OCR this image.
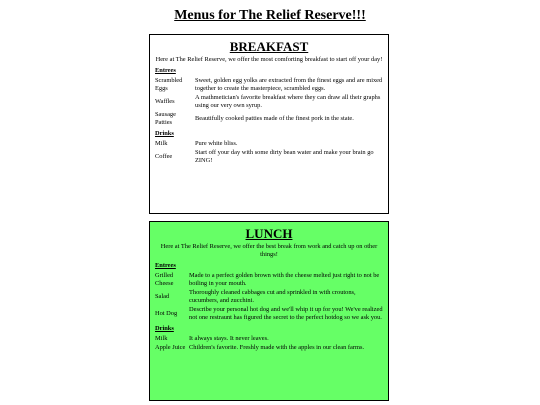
Menus for The Relief Reserve!!!
BREAKFAST

Here at The Relief Reserve, we offer the most comforting breakfast to start off your day!

Entrees
Scrambled Eggs	Sweet, golden egg yolks are extracted from the finest eggs and are mixed together to create the masterpiece, scrambled eggs.
Waffles	A mathmetician's favorite breakfast where they can draw all their graphs using our very own syrup.
Sausage Patties	Beautifully cooked patties made of the finest pork in the state.
Drinks
Milk	Pure white bliss.
Coffee	Start off your day with some dirty bean water and make your brain go ZING!
LUNCH

Here at The Relief Reserve, we offer the best break from work and catch up on other things!

Entrees
Grilled Cheese	Made to a perfect golden brown with the cheese melted just right to not be boiling in your mouth.
Salad	Thoroughly cleaned cabbages cut and sprinkled in with croutons, cucumbers, and zucchini.
Hot Dog	Describe your personal hot dog and we'll whip it up for you! We've realized not one restraunt has figured the secret to the perfect hotdog so we ask you.
Drinks
Milk	It always stays. It never leaves.
Apple Juice	Children's favorite. Freshly made with the apples in our clean farms.
